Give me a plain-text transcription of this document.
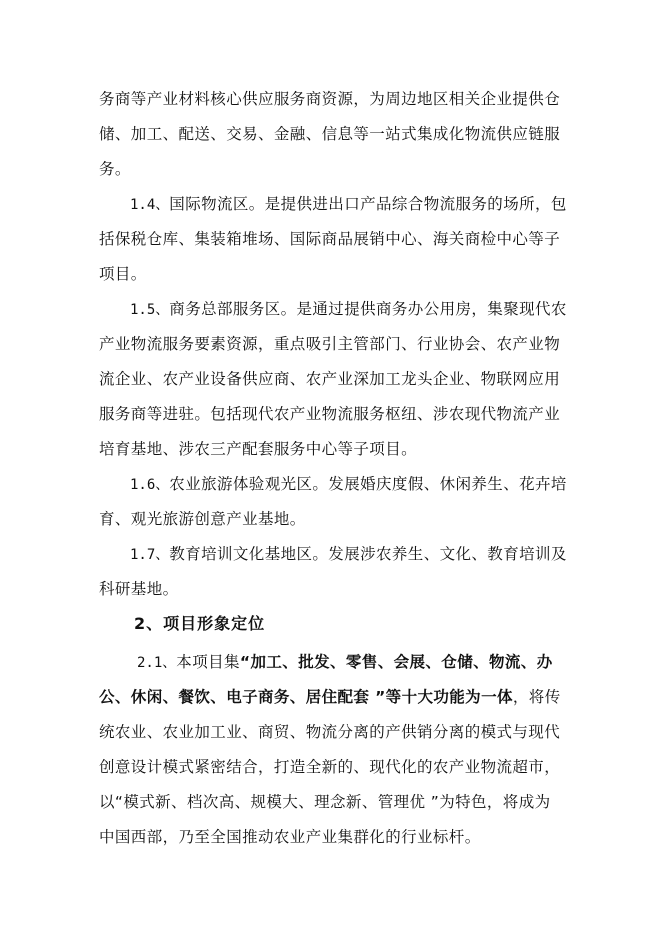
务商等产业材料核心供应服务商资源，为周边地区相关企业提供仓
储、加工、配送、交易、金融、信息等一站式集成化物流供应链服
务。
1.4、国际物流区。是提供进出口产品综合物流服务的场所，包
括保税仓库、集装箱堆场、国际商品展销中心、海关商检中心等子
项目。
1.5、商务总部服务区。是通过提供商务办公用房，集聚现代农
产业物流服务要素资源，重点吸引主管部门、行业协会、农产业物
流企业、农产业设备供应商、农产业深加工龙头企业、物联网应用
服务商等进驻。包括现代农产业物流服务枢纽、涉农现代物流产业
培育基地、涉农三产配套服务中心等子项目。
1.6、农业旅游体验观光区。发展婚庆度假、休闲养生、花卉培
育、观光旅游创意产业基地。
1.7、教育培训文化基地区。发展涉农养生、文化、教育培训及
科研基地。
2、项目形象定位
2.1、本项目集“加工、批发、零售、会展、仓储、物流、办
公、休闲、餐饮、电子商务、居住配套 ”等十大功能为一体，将传
统农业、农业加工业、商贸、物流分离的产供销分离的模式与现代
创意设计模式紧密结合，打造全新的、现代化的农产业物流超市，
以“模式新、档次高、规模大、理念新、管理优 ”为特色，将成为
中国西部，乃至全国推动农业产业集群化的行业标杆。
